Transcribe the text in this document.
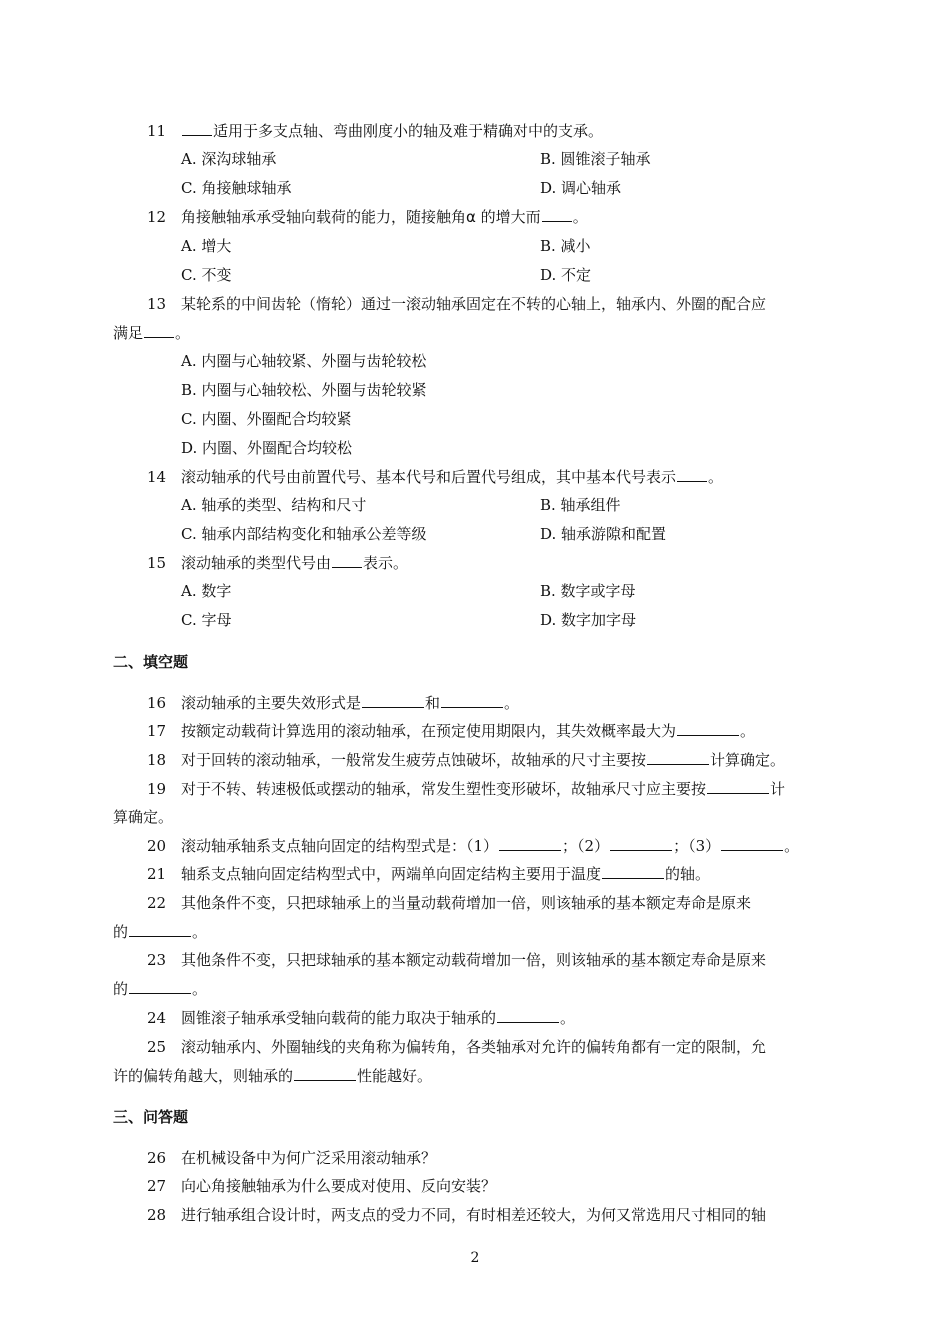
11	适用于多支点轴、弯曲刚度小的轴及难于精确对中的支承。
A. 深沟球轴承	B. 圆锥滚子轴承
C. 角接触球轴承	D. 调心轴承
12 角接触轴承承受轴向载荷的能力，随接触角α 的增大而 。
A. 增大	B. 减小
C. 不变	D. 不定
13 某轮系的中间齿轮（惰轮）通过一滚动轴承固定在不转的心轴上，轴承内、外圈的配合应
满足 。
A. 内圈与心轴较紧、外圈与齿轮较松
B. 内圈与心轴较松、外圈与齿轮较紧
C. 内圈、外圈配合均较紧
D. 内圈、外圈配合均较松
14 滚动轴承的代号由前置代号、基本代号和后置代号组成，其中基本代号表示 。
A. 轴承的类型、结构和尺寸	B. 轴承组件
C. 轴承内部结构变化和轴承公差等级	D. 轴承游隙和配置
15 滚动轴承的类型代号由 表示。
A. 数字	B. 数字或字母
C. 字母	D. 数字加字母
二、填空题
16 滚动轴承的主要失效形式是	和	。
17 按额定动载荷计算选用的滚动轴承，在预定使用期限内，其失效概率最大为	。
18 对于回转的滚动轴承，一般常发生疲劳点蚀破坏，故轴承的尺寸主要按	计算确定。
19 对于不转、转速极低或摆动的轴承，常发生塑性变形破坏，故轴承尺寸应主要按	计
算确定。
20 滚动轴承轴系支点轴向固定的结构型式是：（1）	；（2）	；（3）	。
21 轴系支点轴向固定结构型式中，两端单向固定结构主要用于温度	的轴。
22 其他条件不变，只把球轴承上的当量动载荷增加一倍，则该轴承的基本额定寿命是原来
的	。
23 其他条件不变，只把球轴承的基本额定动载荷增加一倍，则该轴承的基本额定寿命是原来
的	。
24 圆锥滚子轴承承受轴向载荷的能力取决于轴承的	。
25 滚动轴承内、外圈轴线的夹角称为偏转角，各类轴承对允许的偏转角都有一定的限制，允
许的偏转角越大，则轴承的	性能越好。
三、问答题
26 在机械设备中为何广泛采用滚动轴承？
27 向心角接触轴承为什么要成对使用、反向安装？
28 进行轴承组合设计时，两支点的受力不同，有时相差还较大，为何又常选用尺寸相同的轴
2
